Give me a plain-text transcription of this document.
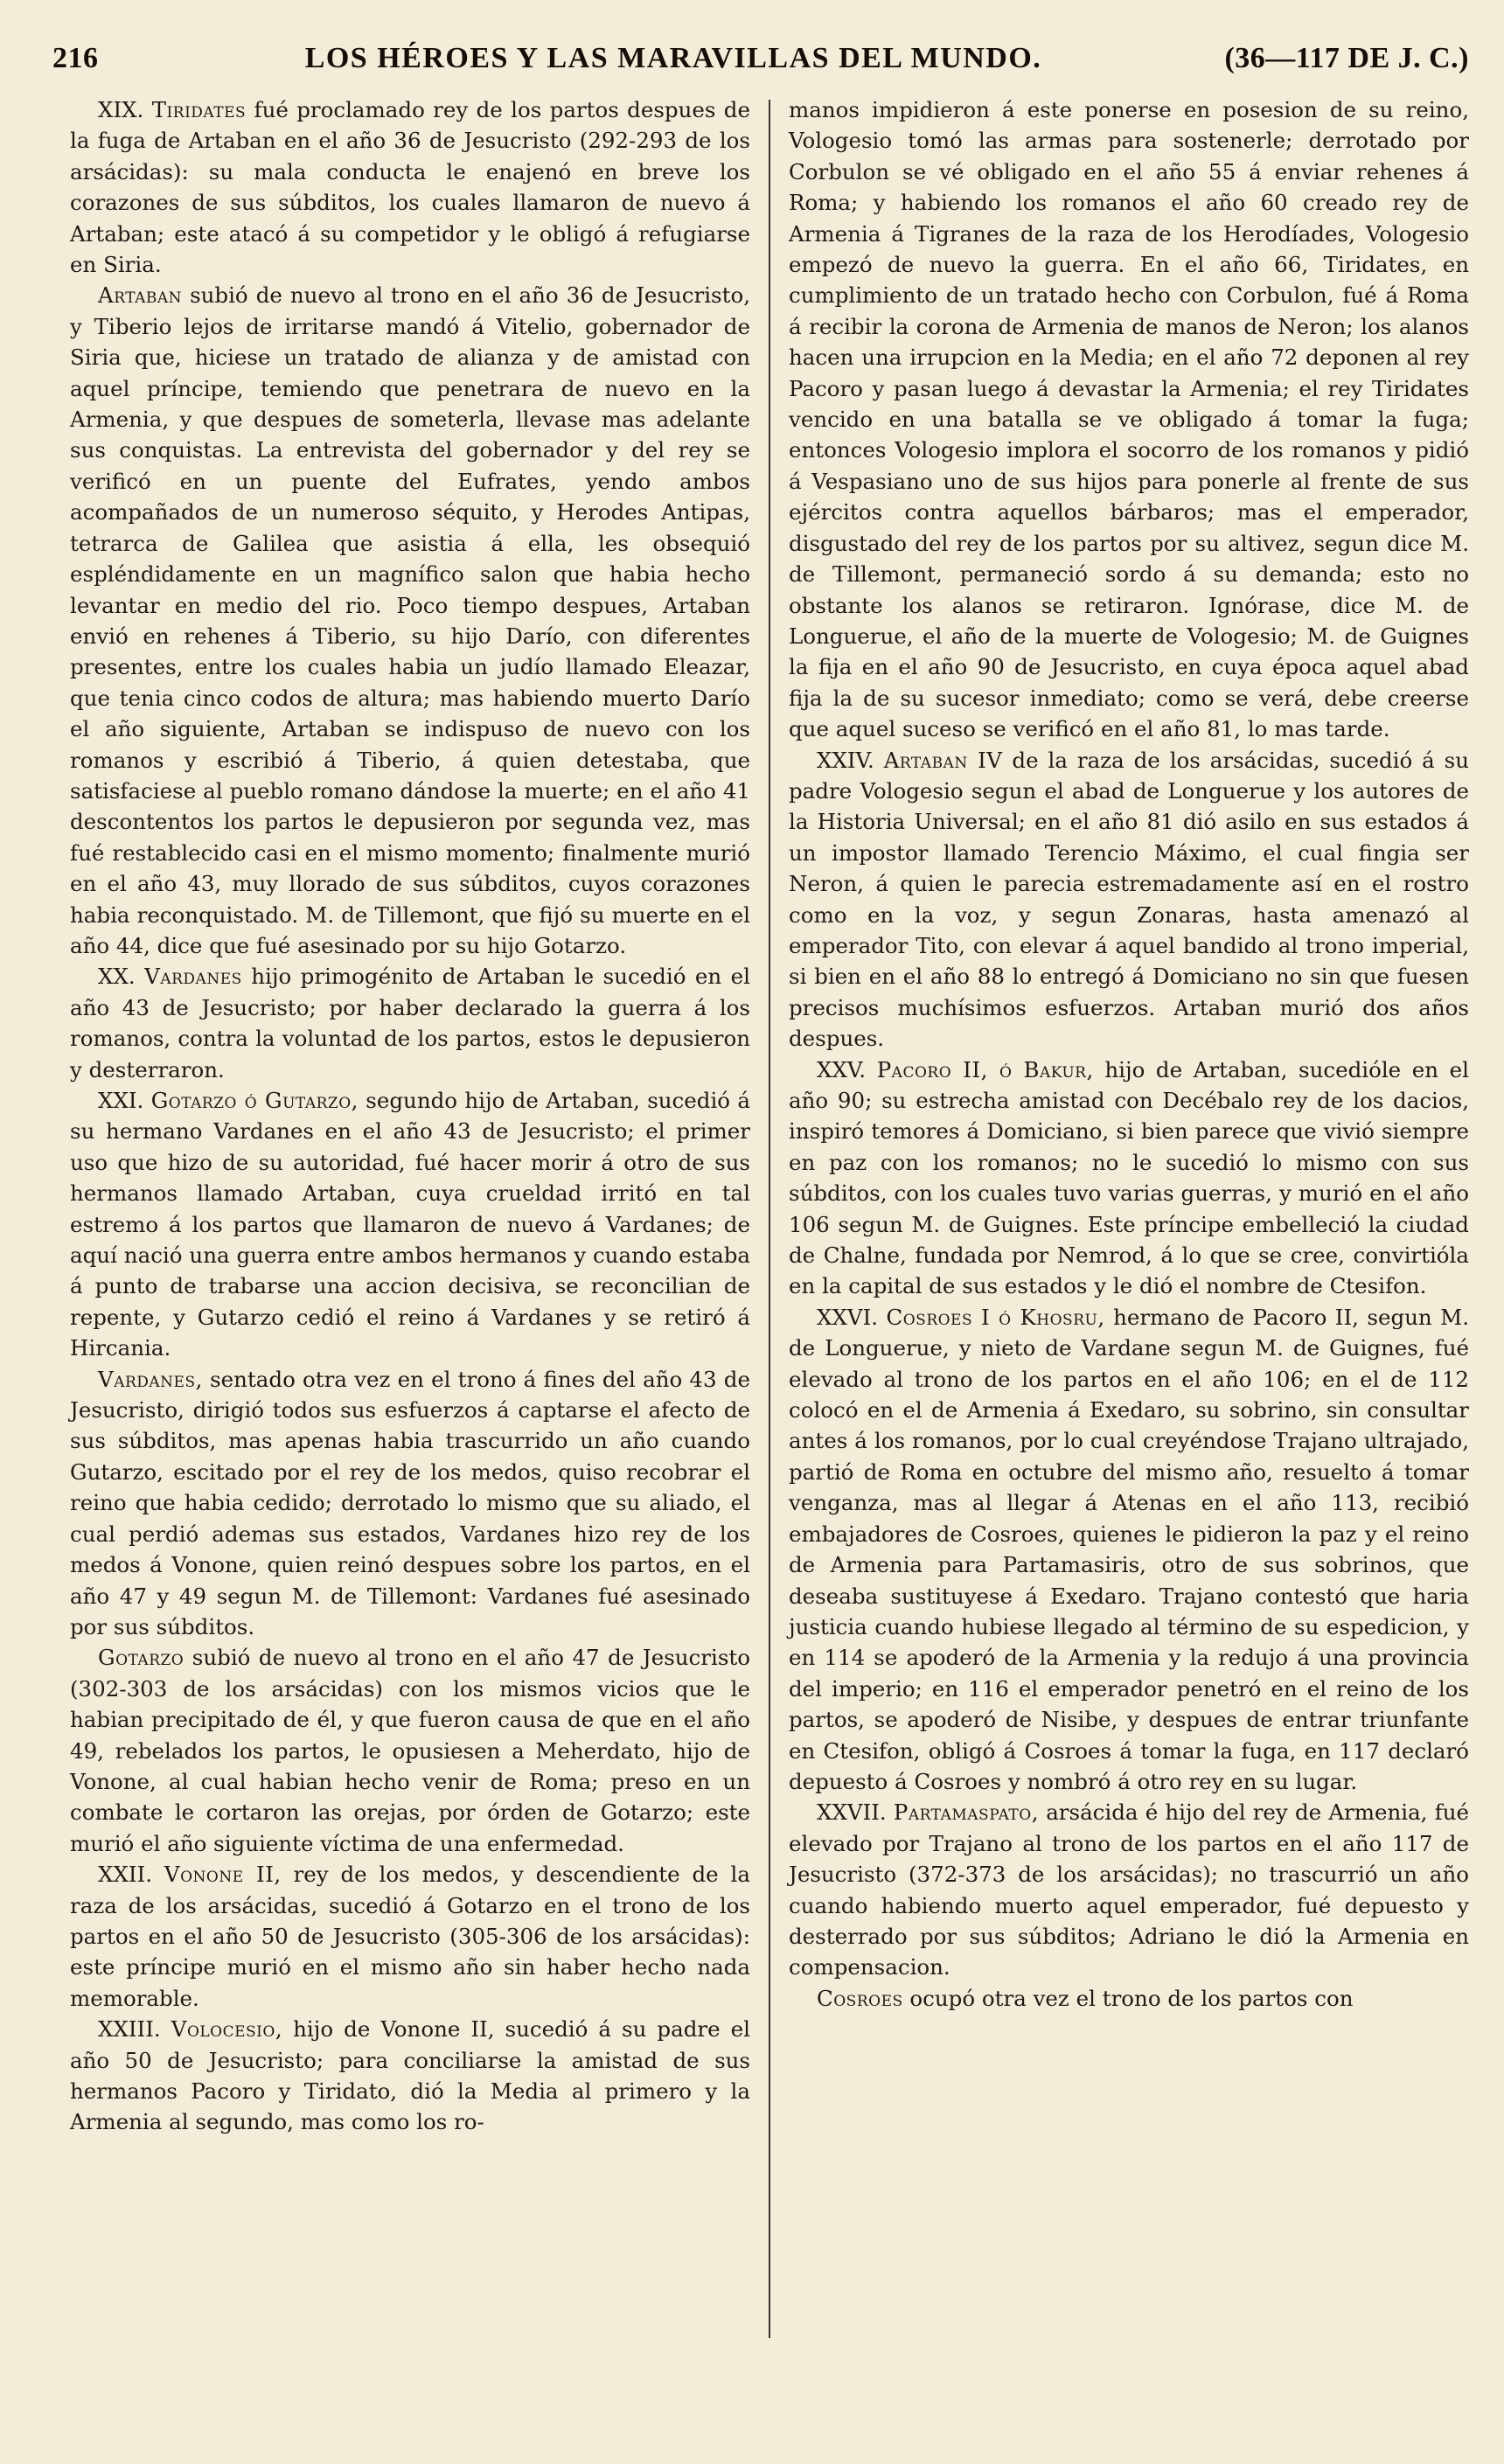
216	LOS HÉROES Y LAS MARAVILLAS DEL MUNDO.	(36—117 DE J. C.)

XIX. Tiridates fué proclamado rey de los partos despues de la fuga de Artaban en el año 36 de Jesucristo (292-293 de los arsácidas): su mala conducta le enajenó en breve los corazones de sus súbditos, los cuales llamaron de nuevo á Artaban; este atacó á su competidor y le obligó á refugiarse en Siria.

Artaban subió de nuevo al trono en el año 36 de Jesucristo, y Tiberio lejos de irritarse mandó á Vitelio, gobernador de Siria que, hiciese un tratado de alianza y de amistad con aquel príncipe, temiendo que penetrara de nuevo en la Armenia, y que despues de someterla, llevase mas adelante sus conquistas. La entrevista del gobernador y del rey se verificó en un puente del Eufrates, yendo ambos acompañados de un numeroso séquito, y Herodes Antipas, tetrarca de Galilea que asistia á ella, les obsequió espléndidamente en un magnífico salon que habia hecho levantar en medio del rio. Poco tiempo despues, Artaban envió en rehenes á Tiberio, su hijo Darío, con diferentes presentes, entre los cuales habia un judío llamado Eleazar, que tenia cinco codos de altura; mas habiendo muerto Darío el año siguiente, Artaban se indispuso de nuevo con los romanos y escribió á Tiberio, á quien detestaba, que satisfaciese al pueblo romano dándose la muerte; en el año 41 descontentos los partos le depusieron por segunda vez, mas fué restablecido casi en el mismo momento; finalmente murió en el año 43, muy llorado de sus súbditos, cuyos corazones habia reconquistado. M. de Tillemont, que fijó su muerte en el año 44, dice que fué asesinado por su hijo Gotarzo.

XX. Vardanes hijo primogénito de Artaban le sucedió en el año 43 de Jesucristo; por haber declarado la guerra á los romanos, contra la voluntad de los partos, estos le depusieron y desterraron.

XXI. Gotarzo ó Gutarzo, segundo hijo de Artaban, sucedió á su hermano Vardanes en el año 43 de Jesucristo; el primer uso que hizo de su autoridad, fué hacer morir á otro de sus hermanos llamado Artaban, cuya crueldad irritó en tal estremo á los partos que llamaron de nuevo á Vardanes; de aquí nació una guerra entre ambos hermanos y cuando estaba á punto de trabarse una accion decisiva, se reconcilian de repente, y Gutarzo cedió el reino á Vardanes y se retiró á Hircania.

Vardanes, sentado otra vez en el trono á fines del año 43 de Jesucristo, dirigió todos sus esfuerzos á captarse el afecto de sus súbditos, mas apenas habia trascurrido un año cuando Gutarzo, escitado por el rey de los medos, quiso recobrar el reino que habia cedido; derrotado lo mismo que su aliado, el cual perdió ademas sus estados, Vardanes hizo rey de los medos á Vonone, quien reinó despues sobre los partos, en el año 47 y 49 segun M. de Tillemont: Vardanes fué asesinado por sus súbditos.

Gotarzo subió de nuevo al trono en el año 47 de Jesucristo (302-303 de los arsácidas) con los mismos vicios que le habian precipitado de él, y que fueron causa de que en el año 49, rebelados los partos, le opusiesen a Meherdato, hijo de Vonone, al cual habian hecho venir de Roma; preso en un combate le cortaron las orejas, por órden de Gotarzo; este murió el año siguiente víctima de una enfermedad.

XXII. Vonone II, rey de los medos, y descendiente de la raza de los arsácidas, sucedió á Gotarzo en el trono de los partos en el año 50 de Jesucristo (305-306 de los arsácidas): este príncipe murió en el mismo año sin haber hecho nada memorable.

XXIII. Volocesio, hijo de Vonone II, sucedió á su padre el año 50 de Jesucristo; para conciliarse la amistad de sus hermanos Pacoro y Tiridato, dió la Media al primero y la Armenia al segundo, mas como los ro-

manos impidieron á este ponerse en posesion de su reino, Vologesio tomó las armas para sostenerle; derrotado por Corbulon se vé obligado en el año 55 á enviar rehenes á Roma; y habiendo los romanos el año 60 creado rey de Armenia á Tigranes de la raza de los Herodíades, Vologesio empezó de nuevo la guerra. En el año 66, Tiridates, en cumplimiento de un tratado hecho con Corbulon, fué á Roma á recibir la corona de Armenia de manos de Neron; los alanos hacen una irrupcion en la Media; en el año 72 deponen al rey Pacoro y pasan luego á devastar la Armenia; el rey Tiridates vencido en una batalla se ve obligado á tomar la fuga; entonces Vologesio implora el socorro de los romanos y pidió á Vespasiano uno de sus hijos para ponerle al frente de sus ejércitos contra aquellos bárbaros; mas el emperador, disgustado del rey de los partos por su altivez, segun dice M. de Tillemont, permaneció sordo á su demanda; esto no obstante los alanos se retiraron. Ignórase, dice M. de Longuerue, el año de la muerte de Vologesio; M. de Guignes la fija en el año 90 de Jesucristo, en cuya época aquel abad fija la de su sucesor inmediato; como se verá, debe creerse que aquel suceso se verificó en el año 81, lo mas tarde.

XXIV. Artaban IV de la raza de los arsácidas, sucedió á su padre Vologesio segun el abad de Longuerue y los autores de la Historia Universal; en el año 81 dió asilo en sus estados á un impostor llamado Terencio Máximo, el cual fingia ser Neron, á quien le parecia estremadamente así en el rostro como en la voz, y segun Zonaras, hasta amenazó al emperador Tito, con elevar á aquel bandido al trono imperial, si bien en el año 88 lo entregó á Domiciano no sin que fuesen precisos muchísimos esfuerzos. Artaban murió dos años despues.

XXV. Pacoro II, ó Bakur, hijo de Artaban, sucedióle en el año 90; su estrecha amistad con Decébalo rey de los dacios, inspiró temores á Domiciano, si bien parece que vivió siempre en paz con los romanos; no le sucedió lo mismo con sus súbditos, con los cuales tuvo varias guerras, y murió en el año 106 segun M. de Guignes. Este príncipe embelleció la ciudad de Chalne, fundada por Nemrod, á lo que se cree, convirtióla en la capital de sus estados y le dió el nombre de Ctesifon.

XXVI. Cosroes I ó Khosru, hermano de Pacoro II, segun M. de Longuerue, y nieto de Vardane segun M. de Guignes, fué elevado al trono de los partos en el año 106; en el de 112 colocó en el de Armenia á Exedaro, su sobrino, sin consultar antes á los romanos, por lo cual creyéndose Trajano ultrajado, partió de Roma en octubre del mismo año, resuelto á tomar venganza, mas al llegar á Atenas en el año 113, recibió embajadores de Cosroes, quienes le pidieron la paz y el reino de Armenia para Partamasiris, otro de sus sobrinos, que deseaba sustituyese á Exedaro. Trajano contestó que haria justicia cuando hubiese llegado al término de su espedicion, y en 114 se apoderó de la Armenia y la redujo á una provincia del imperio; en 116 el emperador penetró en el reino de los partos, se apoderó de Nisibe, y despues de entrar triunfante en Ctesifon, obligó á Cosroes á tomar la fuga, en 117 declaró depuesto á Cosroes y nombró á otro rey en su lugar.

XXVII. Partamaspato, arsácida é hijo del rey de Armenia, fué elevado por Trajano al trono de los partos en el año 117 de Jesucristo (372-373 de los arsácidas); no trascurrió un año cuando habiendo muerto aquel emperador, fué depuesto y desterrado por sus súbditos; Adriano le dió la Armenia en compensacion.

Cosroes ocupó otra vez el trono de los partos con
